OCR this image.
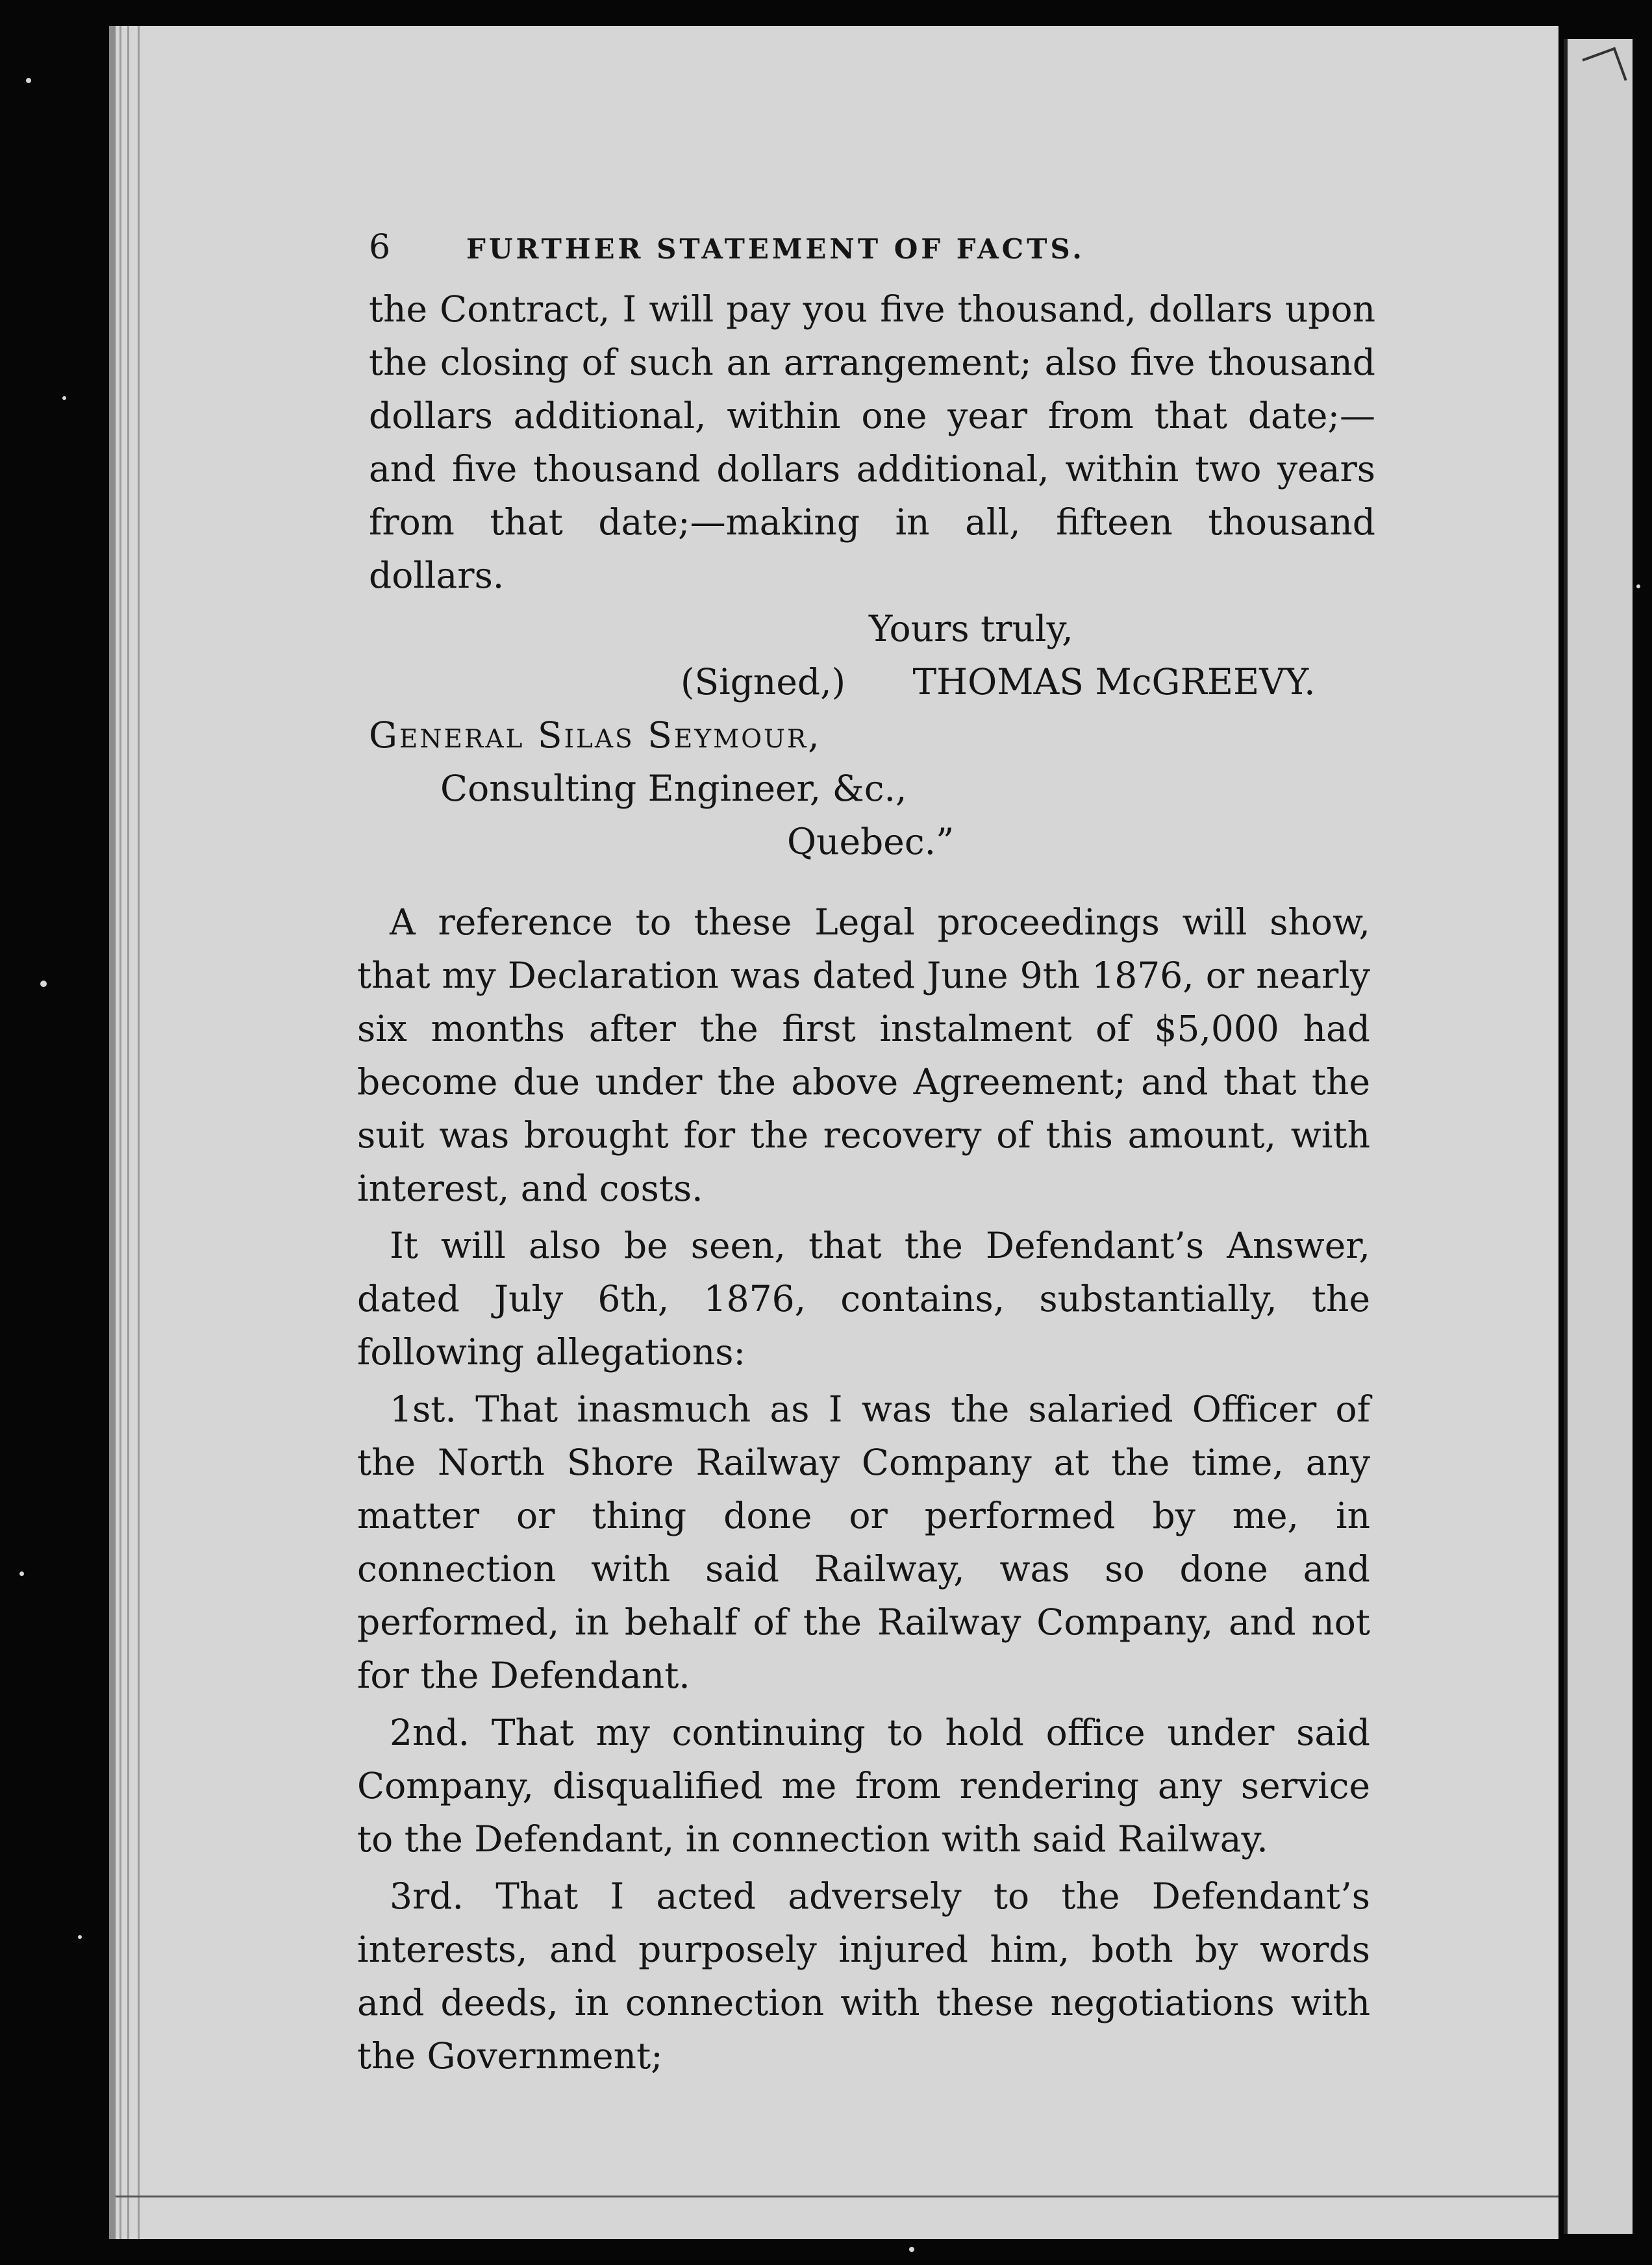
6	FURTHER STATEMENT OF FACTS.

the Contract, I will pay you five thousand, dollars upon the closing of such an arrangement; also five thousand dollars additional, within one year from that date;—and five thousand dollars additional, within two years from that date;—making in all, fifteen thousand dollars.

Yours truly,
(Signed,) THOMAS McGREEVY.
General Silas Seymour,
Consulting Engineer, &c.,
Quebec.”

A reference to these Legal proceedings will show, that my Declaration was dated June 9th 1876, or nearly six months after the first instalment of $5,000 had become due under the above Agreement; and that the suit was brought for the recovery of this amount, with interest, and costs.

It will also be seen, that the Defendant’s Answer, dated July 6th, 1876, contains, substantially, the following allegations:

1st. That inasmuch as I was the salaried Officer of the North Shore Railway Company at the time, any matter or thing done or performed by me, in connection with said Railway, was so done and performed, in behalf of the Railway Company, and not for the Defendant.

2nd. That my continuing to hold office under said Company, disqualified me from rendering any service to the Defendant, in connection with said Railway.

3rd. That I acted adversely to the Defendant’s interests, and purposely injured him, both by words and deeds, in connection with these negotiations with the Government;
